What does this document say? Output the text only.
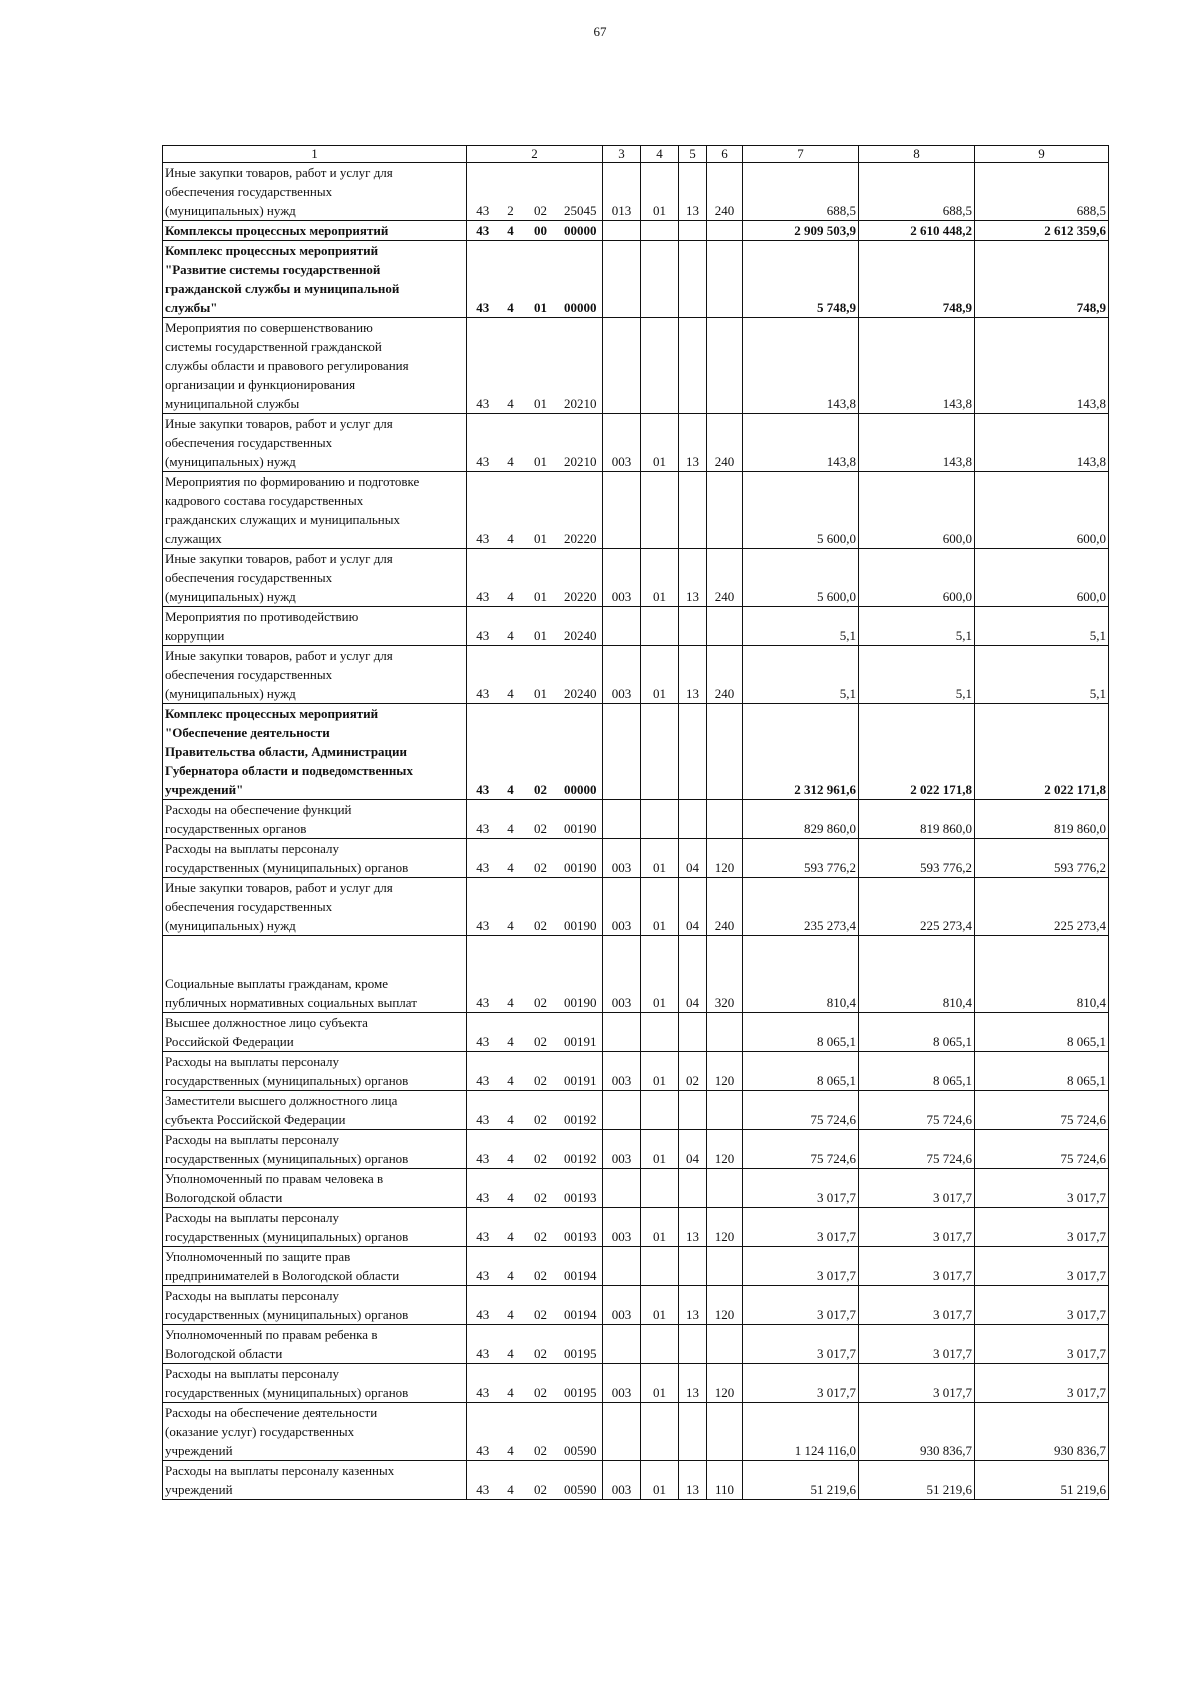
67
1	2				3	4	5	6	7	8	9
Иные закупки товаров, работ и услуг для
обеспечения государственных
(муниципальных) нужд	43	2	02	25045	013	01	13	240	688,5	688,5	688,5
Комплексы процессных мероприятий	43	4	00	00000					2 909 503,9	2 610 448,2	2 612 359,6
Комплекс процессных мероприятий
"Развитие системы государственной
гражданской службы и муниципальной
службы"	43	4	01	00000					5 748,9	748,9	748,9
Мероприятия по совершенствованию
системы государственной гражданской
службы области и правового регулирования
организации и функционирования
муниципальной службы	43	4	01	20210					143,8	143,8	143,8
Иные закупки товаров, работ и услуг для
обеспечения государственных
(муниципальных) нужд	43	4	01	20210	003	01	13	240	143,8	143,8	143,8
Мероприятия по формированию и подготовке
кадрового состава государственных
гражданских служащих и муниципальных
служащих	43	4	01	20220					5 600,0	600,0	600,0
Иные закупки товаров, работ и услуг для
обеспечения государственных
(муниципальных) нужд	43	4	01	20220	003	01	13	240	5 600,0	600,0	600,0
Мероприятия по противодействию
коррупции	43	4	01	20240					5,1	5,1	5,1
Иные закупки товаров, работ и услуг для
обеспечения государственных
(муниципальных) нужд	43	4	01	20240	003	01	13	240	5,1	5,1	5,1
Комплекс процессных мероприятий
"Обеспечение деятельности
Правительства области, Администрации
Губернатора области и подведомственных
учреждений"	43	4	02	00000					2 312 961,6	2 022 171,8	2 022 171,8
Расходы на обеспечение функций
государственных органов	43	4	02	00190					829 860,0	819 860,0	819 860,0
Расходы на выплаты персоналу
государственных (муниципальных) органов	43	4	02	00190	003	01	04	120	593 776,2	593 776,2	593 776,2
Иные закупки товаров, работ и услуг для
обеспечения государственных
(муниципальных) нужд	43	4	02	00190	003	01	04	240	235 273,4	225 273,4	225 273,4

Социальные выплаты гражданам, кроме
публичных нормативных социальных выплат	43	4	02	00190	003	01	04	320	810,4	810,4	810,4
Высшее должностное лицо субъекта
Российской Федерации	43	4	02	00191					8 065,1	8 065,1	8 065,1
Расходы на выплаты персоналу
государственных (муниципальных) органов	43	4	02	00191	003	01	02	120	8 065,1	8 065,1	8 065,1
Заместители высшего должностного лица
субъекта Российской Федерации	43	4	02	00192					75 724,6	75 724,6	75 724,6
Расходы на выплаты персоналу
государственных (муниципальных) органов	43	4	02	00192	003	01	04	120	75 724,6	75 724,6	75 724,6
Уполномоченный по правам человека в
Вологодской области	43	4	02	00193					3 017,7	3 017,7	3 017,7
Расходы на выплаты персоналу
государственных (муниципальных) органов	43	4	02	00193	003	01	13	120	3 017,7	3 017,7	3 017,7
Уполномоченный по защите прав
предпринимателей в Вологодской области	43	4	02	00194					3 017,7	3 017,7	3 017,7
Расходы на выплаты персоналу
государственных (муниципальных) органов	43	4	02	00194	003	01	13	120	3 017,7	3 017,7	3 017,7
Уполномоченный по правам ребенка в
Вологодской области	43	4	02	00195					3 017,7	3 017,7	3 017,7
Расходы на выплаты персоналу
государственных (муниципальных) органов	43	4	02	00195	003	01	13	120	3 017,7	3 017,7	3 017,7
Расходы на обеспечение деятельности
(оказание услуг) государственных
учреждений	43	4	02	00590					1 124 116,0	930 836,7	930 836,7
Расходы на выплаты персоналу казенных
учреждений	43	4	02	00590	003	01	13	110	51 219,6	51 219,6	51 219,6
